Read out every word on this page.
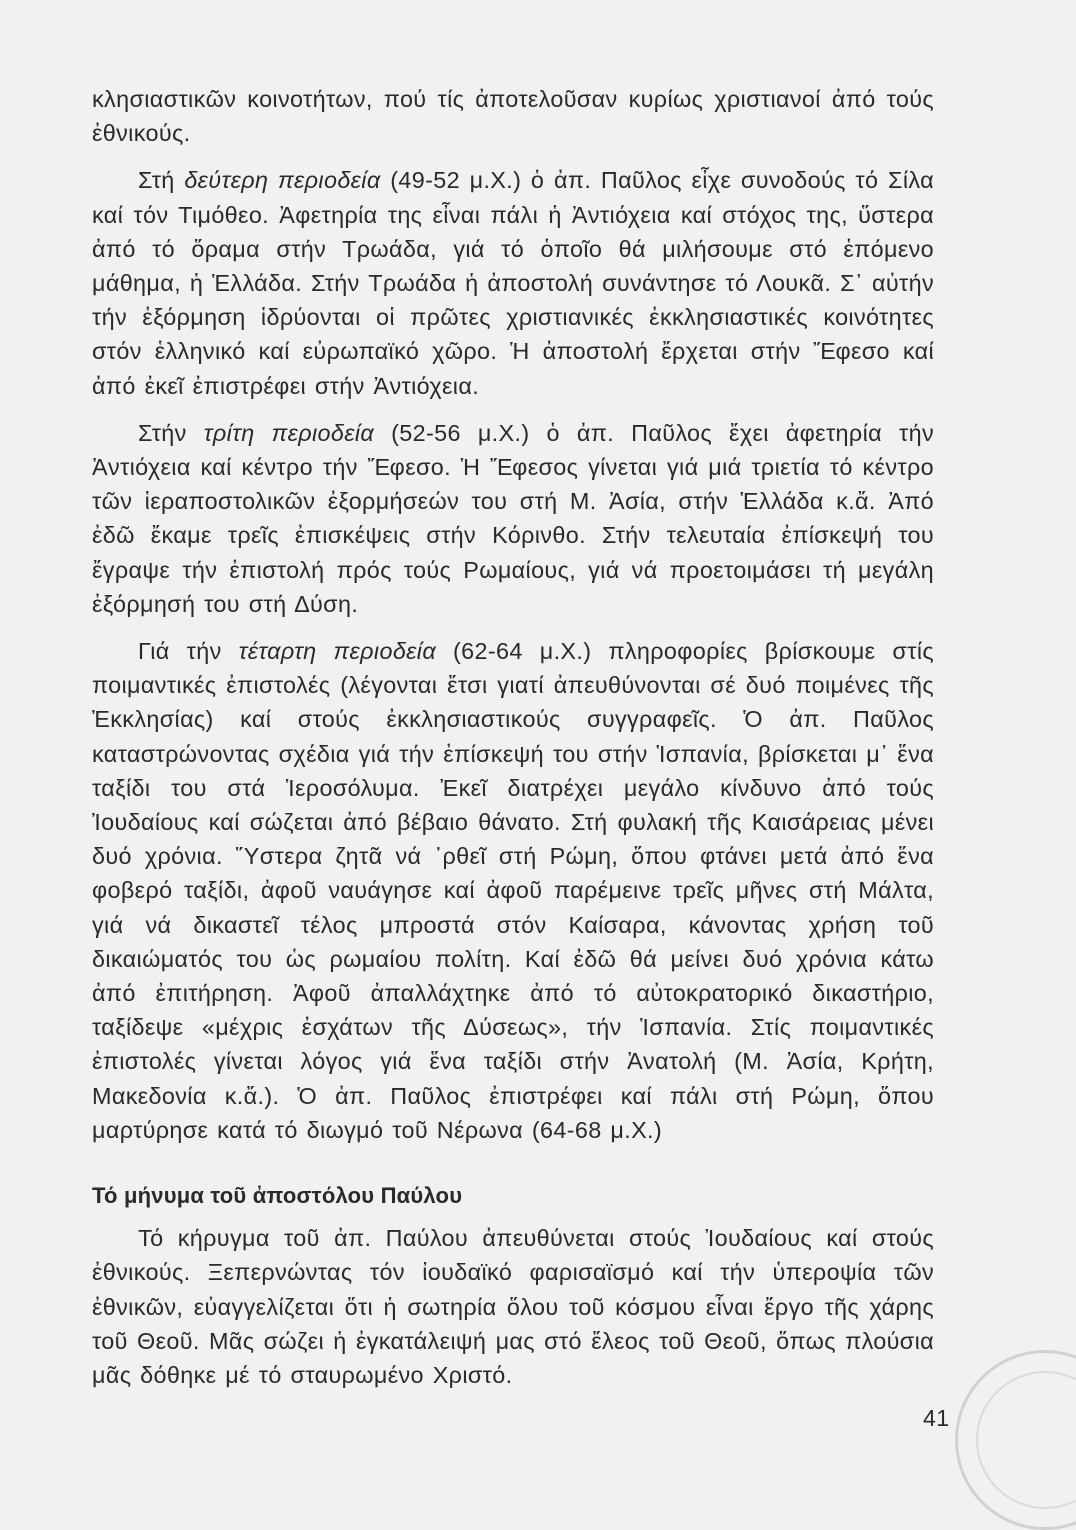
κλησιαστικῶν κοινοτήτων, πού τίς ἀποτελοῦσαν κυρίως χριστιανοί ἀπό τούς ἐθνικούς.

Στή δεύτερη περιοδεία (49-52 μ.Χ.) ὁ ἀπ. Παῦλος εἶχε συνοδούς τό Σίλα καί τόν Τιμόθεο. Ἀφετηρία της εἶναι πάλι ἡ Ἀντιόχεια καί στόχος της, ὕστερα ἀπό τό ὅραμα στήν Τρωάδα, γιά τό ὁποῖο θά μιλήσουμε στό ἑπόμενο μάθημα, ἡ Ἑλλάδα. Στήν Τρωάδα ἡ ἀποστολή συνάντησε τό Λουκᾶ. Σ᾽ αὐτήν τήν ἐξόρμηση ἱδρύονται οἱ πρῶτες χριστιανικές ἐκκλησιαστικές κοινότητες στόν ἑλληνικό καί εὐρωπαϊκό χῶρο. Ἡ ἀποστολή ἔρχεται στήν Ἔφεσο καί ἀπό ἐκεῖ ἐπιστρέφει στήν Ἀντιόχεια.

Στήν τρίτη περιοδεία (52-56 μ.Χ.) ὁ ἀπ. Παῦλος ἔχει ἀφετηρία τήν Ἀντιόχεια καί κέντρο τήν Ἔφεσο. Ἡ Ἔφεσος γίνεται γιά μιά τριετία τό κέντρο τῶν ἱεραποστολικῶν ἐξορμήσεών του στή Μ. Ἀσία, στήν Ἑλλάδα κ.ἄ. Ἀπό ἐδῶ ἔκαμε τρεῖς ἐπισκέψεις στήν Κόρινθο. Στήν τελευταία ἐπίσκεψή του ἔγραψε τήν ἐπιστολή πρός τούς Ρωμαίους, γιά νά προετοιμάσει τή μεγάλη ἐξόρμησή του στή Δύση.

Γιά τήν τέταρτη περιοδεία (62-64 μ.Χ.) πληροφορίες βρίσκουμε στίς ποιμαντικές ἐπιστολές (λέγονται ἔτσι γιατί ἀπευθύνονται σέ δυό ποιμένες τῆς Ἐκκλησίας) καί στούς ἐκκλησιαστικούς συγγραφεῖς. Ὁ ἀπ. Παῦλος καταστρώνοντας σχέδια γιά τήν ἐπίσκεψή του στήν Ἱσπανία, βρίσκεται μ᾽ ἕνα ταξίδι του στά Ἱεροσόλυμα. Ἐκεῖ διατρέχει μεγάλο κίνδυνο ἀπό τούς Ἰουδαίους καί σώζεται ἀπό βέβαιο θάνατο. Στή φυλακή τῆς Καισάρειας μένει δυό χρόνια. Ὕστερα ζητᾶ νά ᾽ρθεῖ στή Ρώμη, ὅπου φτάνει μετά ἀπό ἕνα φοβερό ταξίδι, ἀφοῦ ναυάγησε καί ἀφοῦ παρέμεινε τρεῖς μῆνες στή Μάλτα, γιά νά δικαστεῖ τέλος μπροστά στόν Καίσαρα, κάνοντας χρήση τοῦ δικαιώματός του ὡς ρωμαίου πολίτη. Καί ἐδῶ θά μείνει δυό χρόνια κάτω ἀπό ἐπιτήρηση. Ἀφοῦ ἀπαλλάχτηκε ἀπό τό αὐτοκρατορικό δικαστήριο, ταξίδεψε «μέχρις ἐσχάτων τῆς Δύσεως», τήν Ἱσπανία. Στίς ποιμαντικές ἐπιστολές γίνεται λόγος γιά ἕνα ταξίδι στήν Ἀνατολή (Μ. Ἀσία, Κρήτη, Μακεδονία κ.ἄ.). Ὁ ἀπ. Παῦλος ἐπιστρέφει καί πάλι στή Ρώμη, ὅπου μαρτύρησε κατά τό διωγμό τοῦ Νέρωνα (64-68 μ.Χ.)

Τό μήνυμα τοῦ ἀποστόλου Παύλου

Τό κήρυγμα τοῦ ἀπ. Παύλου ἀπευθύνεται στούς Ἰουδαίους καί στούς ἐθνικούς. Ξεπερνώντας τόν ἰουδαϊκό φαρισαϊσμό καί τήν ὑπεροψία τῶν ἐθνικῶν, εὐαγγελίζεται ὅτι ἡ σωτηρία ὅλου τοῦ κόσμου εἶναι ἔργο τῆς χάρης τοῦ Θεοῦ. Μᾶς σώζει ἡ ἐγκατάλειψή μας στό ἔλεος τοῦ Θεοῦ, ὅπως πλούσια μᾶς δόθηκε μέ τό σταυρωμένο Χριστό.

41
